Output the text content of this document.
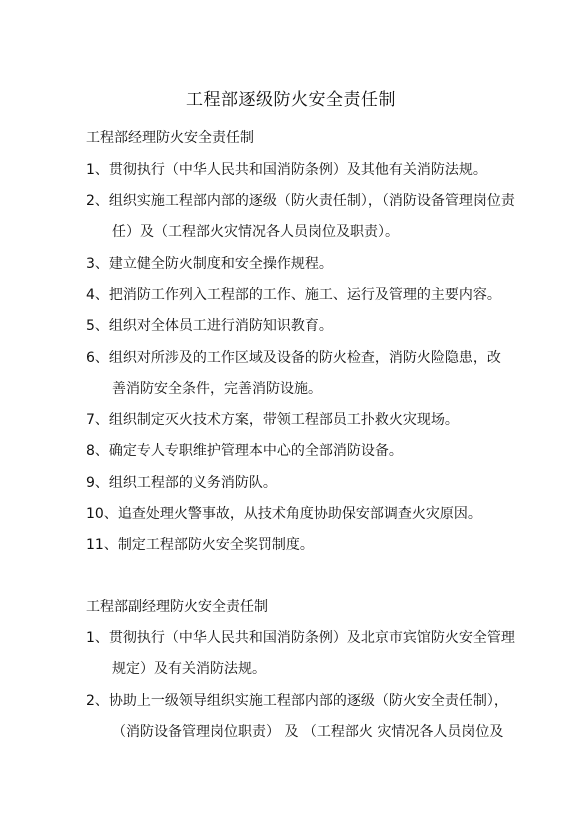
工程部逐级防火安全责任制
工程部经理防火安全责任制
1、贯彻执行（中华人民共和国消防条例）及其他有关消防法规。
2、组织实施工程部内部的逐级（防火责任制），（消防设备管理岗位责
任）及（工程部火灾情况各人员岗位及职责）。
3、建立健全防火制度和安全操作规程。
4、把消防工作列入工程部的工作、施工、运行及管理的主要内容。
5、组织对全体员工进行消防知识教育。
6、组织对所涉及的工作区域及设备的防火检查，消防火险隐患，改
善消防安全条件，完善消防设施。
7、组织制定灭火技术方案，带领工程部员工扑救火灾现场。
8、确定专人专职维护管理本中心的全部消防设备。
9、组织工程部的义务消防队。
10、追查处理火警事故，从技术角度协助保安部调查火灾原因。
11、制定工程部防火安全奖罚制度。
工程部副经理防火安全责任制
1、贯彻执行（中华人民共和国消防条例）及北京市宾馆防火安全管理
规定）及有关消防法规。
2、协助上一级领导组织实施工程部内部的逐级（防火安全责任制），
（消防设备管理岗位职责） 及 （工程部火 灾情况各人员岗位及
